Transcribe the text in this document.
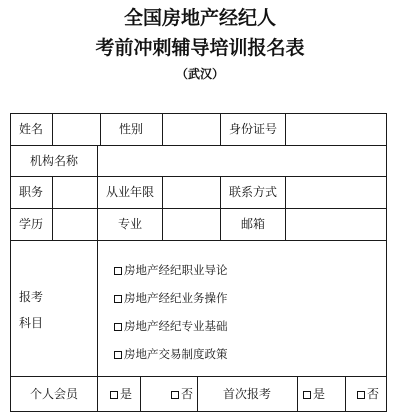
全国房地产经纪人
考前冲刺辅导培训报名表
（武汉）
姓名	性别	身份证号
机构名称
职务	从业年限	联系方式
学历	专业	邮箱
报考
科目
房地产经纪职业导论
房地产经纪业务操作
房地产经纪专业基础
房地产交易制度政策
个人会员	是	否 首次报考	是	否
